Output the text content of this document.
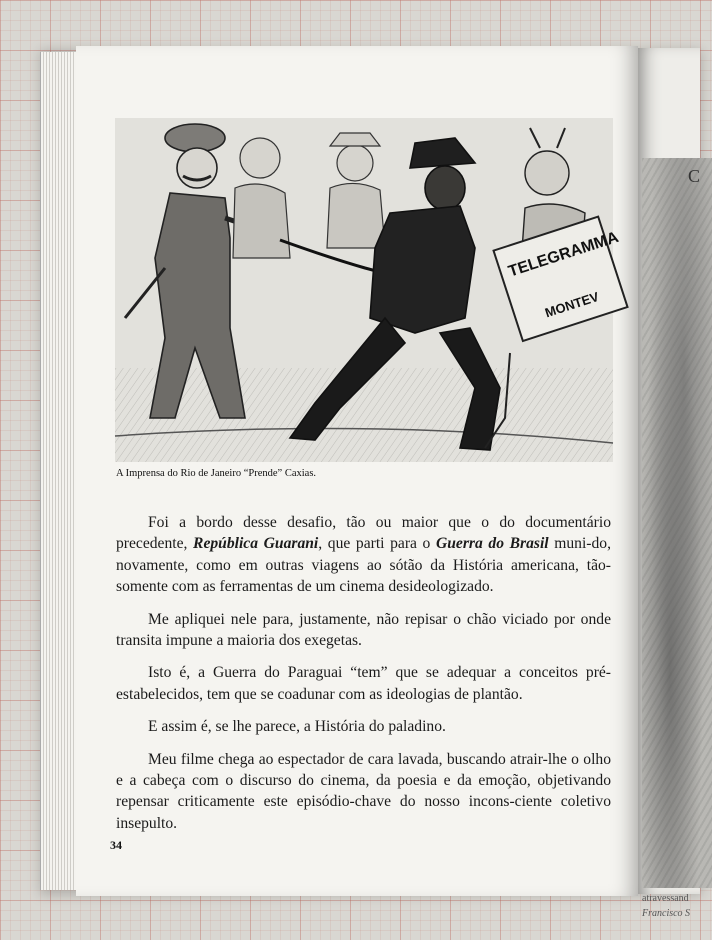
C
atravessand
Francisco S
TELEGRAMMA
MONTEV
A Imprensa do Rio de Janeiro “Prende” Caxias.

Foi a bordo desse desafio, tão ou maior que o do documentário precedente, República Guarani, que parti para o Guerra do Brasil muni-do, novamente, como em outras viagens ao sótão da História americana, tão-somente com as ferramentas de um cinema desideologizado.

Me apliquei nele para, justamente, não repisar o chão viciado por onde transita impune a maioria dos exegetas.

Isto é, a Guerra do Paraguai “tem” que se adequar a conceitos pré-estabelecidos, tem que se coadunar com as ideologias de plantão.

E assim é, se lhe parece, a História do paladino.

Meu filme chega ao espectador de cara lavada, buscando atrair-lhe o olho e a cabeça com o discurso do cinema, da poesia e da emoção, objetivando repensar criticamente este episódio-chave do nosso incons-ciente coletivo insepulto.

34
